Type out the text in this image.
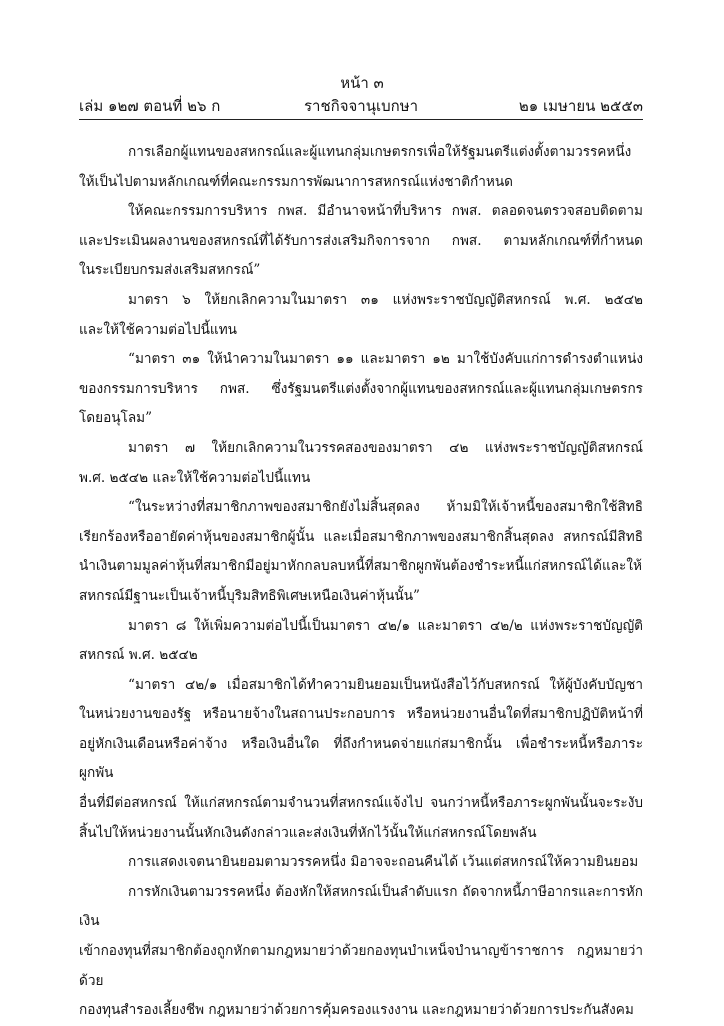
หน้า ๓
เล่ม ๑๒๗ ตอนที่ ๒๖ ก	ราชกิจจานุเบกษา	๒๑ เมษายน ๒๕๕๓
การเลือกผู้แทนของสหกรณ์และผู้แทนกลุ่มเกษตรกรเพื่อให้รัฐมนตรีแต่งตั้งตามวรรคหนึ่ง
ให้เป็นไปตามหลักเกณฑ์ที่คณะกรรมการพัฒนาการสหกรณ์แห่งชาติกำหนด
ให้คณะกรรมการบริหาร กพส. มีอำนาจหน้าที่บริหาร กพส. ตลอดจนตรวจสอบติดตาม
และประเมินผลงานของสหกรณ์ที่ได้รับการส่งเสริมกิจการจาก กพส. ตามหลักเกณฑ์ที่กำหนด
ในระเบียบกรมส่งเสริมสหกรณ์”
มาตรา ๖ ให้ยกเลิกความในมาตรา ๓๑ แห่งพระราชบัญญัติสหกรณ์ พ.ศ. ๒๕๔๒
และให้ใช้ความต่อไปนี้แทน
“มาตรา ๓๑ ให้นำความในมาตรา ๑๑ และมาตรา ๑๒ มาใช้บังคับแก่การดำรงตำแหน่ง
ของกรรมการบริหาร กพส. ซึ่งรัฐมนตรีแต่งตั้งจากผู้แทนของสหกรณ์และผู้แทนกลุ่มเกษตรกร
โดยอนุโลม”
มาตรา ๗ ให้ยกเลิกความในวรรคสองของมาตรา ๔๒ แห่งพระราชบัญญัติสหกรณ์
พ.ศ. ๒๕๔๒ และให้ใช้ความต่อไปนี้แทน
“ในระหว่างที่สมาชิกภาพของสมาชิกยังไม่สิ้นสุดลง ห้ามมิให้เจ้าหนี้ของสมาชิกใช้สิทธิ
เรียกร้องหรืออายัดค่าหุ้นของสมาชิกผู้นั้น และเมื่อสมาชิกภาพของสมาชิกสิ้นสุดลง สหกรณ์มีสิทธิ
นำเงินตามมูลค่าหุ้นที่สมาชิกมีอยู่มาหักกลบลบหนี้ที่สมาชิกผูกพันต้องชำระหนี้แก่สหกรณ์ได้และให้
สหกรณ์มีฐานะเป็นเจ้าหนี้บุริมสิทธิพิเศษเหนือเงินค่าหุ้นนั้น”
มาตรา ๘ ให้เพิ่มความต่อไปนี้เป็นมาตรา ๔๒/๑ และมาตรา ๔๒/๒ แห่งพระราชบัญญัติ
สหกรณ์ พ.ศ. ๒๕๔๒
“มาตรา ๔๒/๑ เมื่อสมาชิกได้ทำความยินยอมเป็นหนังสือไว้กับสหกรณ์ ให้ผู้บังคับบัญชา
ในหน่วยงานของรัฐ หรือนายจ้างในสถานประกอบการ หรือหน่วยงานอื่นใดที่สมาชิกปฏิบัติหน้าที่
อยู่หักเงินเดือนหรือค่าจ้าง หรือเงินอื่นใด ที่ถึงกำหนดจ่ายแก่สมาชิกนั้น เพื่อชำระหนี้หรือภาระผูกพัน
อื่นที่มีต่อสหกรณ์ ให้แก่สหกรณ์ตามจำนวนที่สหกรณ์แจ้งไป จนกว่าหนี้หรือภาระผูกพันนั้นจะระงับ
สิ้นไปให้หน่วยงานนั้นหักเงินดังกล่าวและส่งเงินที่หักไว้นั้นให้แก่สหกรณ์โดยพลัน
การแสดงเจตนายินยอมตามวรรคหนึ่ง มิอาจจะถอนคืนได้ เว้นแต่สหกรณ์ให้ความยินยอม
การหักเงินตามวรรคหนึ่ง ต้องหักให้สหกรณ์เป็นลำดับแรก ถัดจากหนี้ภาษีอากรและการหักเงิน
เข้ากองทุนที่สมาชิกต้องถูกหักตามกฎหมายว่าด้วยกองทุนบำเหน็จบำนาญข้าราชการ กฎหมายว่าด้วย
กองทุนสำรองเลี้ยงชีพ กฎหมายว่าด้วยการคุ้มครองแรงงาน และกฎหมายว่าด้วยการประกันสังคม
